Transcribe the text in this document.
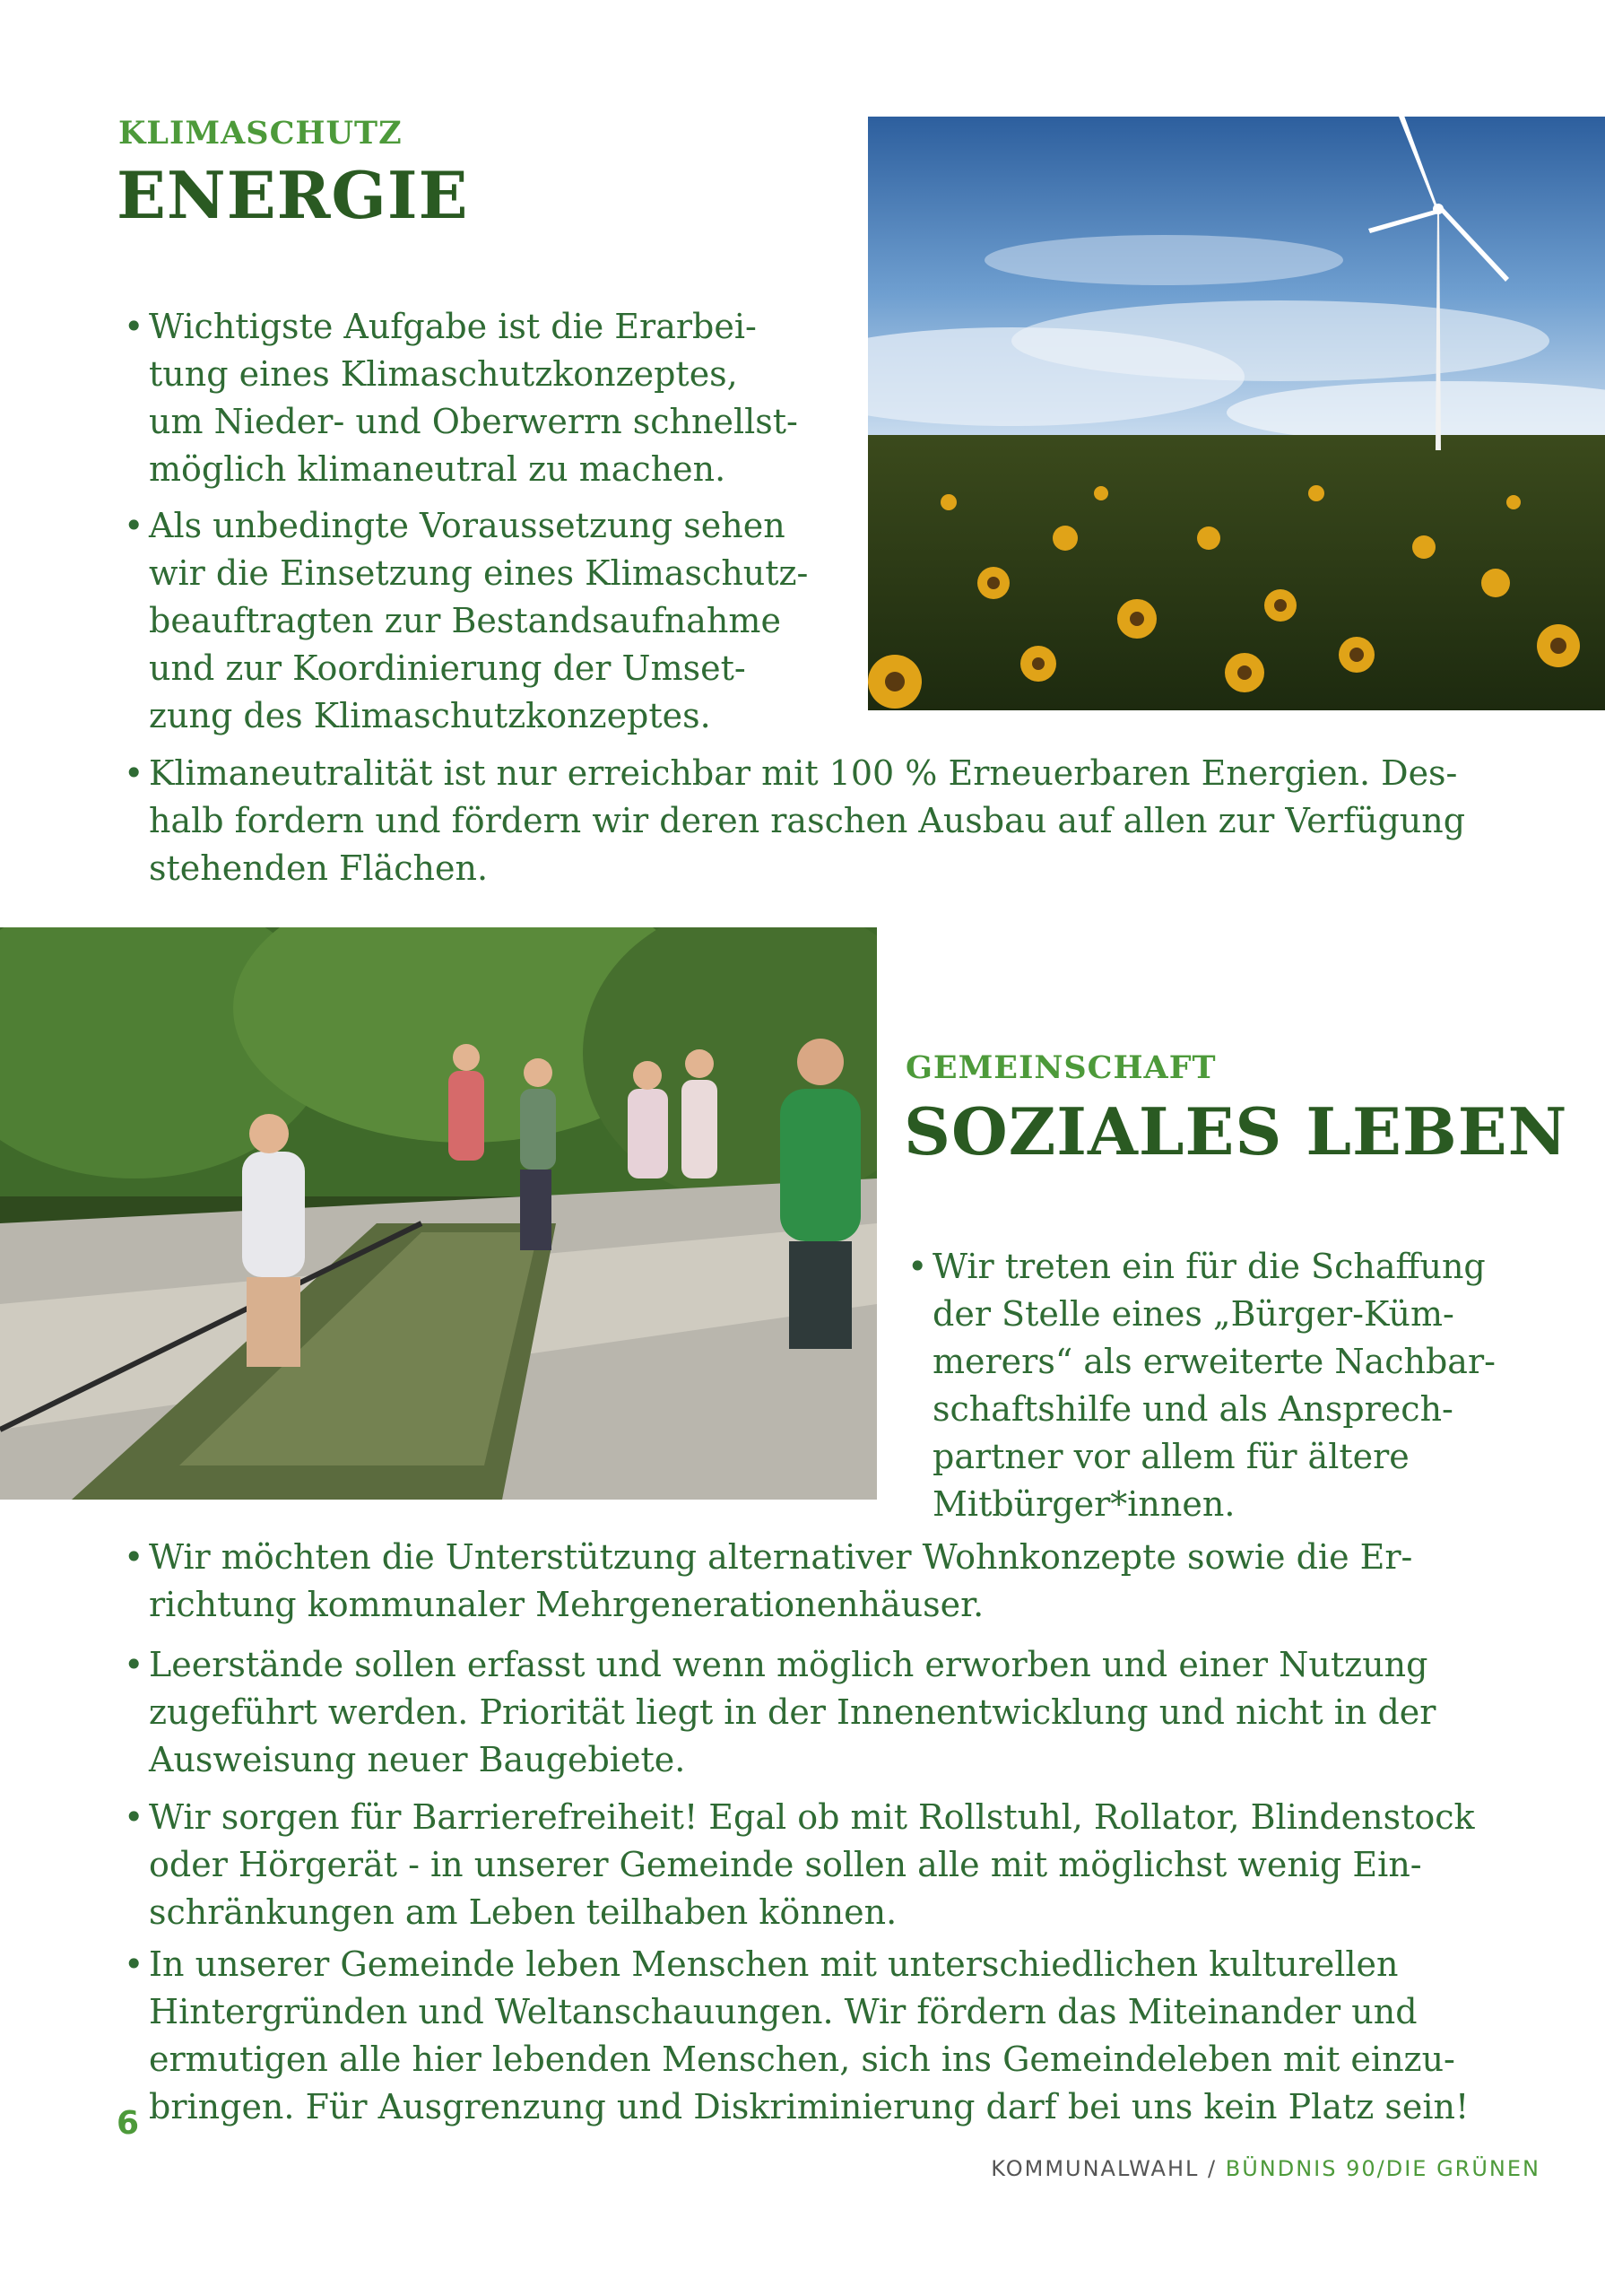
KLIMASCHUTZ
ENERGIE

• Wichtigste Aufgabe ist die Erarbei-
tung eines Klimaschutzkonzeptes,
um Nieder- und Oberwerrn schnellst-
möglich klimaneutral zu machen.

• Als unbedingte Voraussetzung sehen
wir die Einsetzung eines Klimaschutz-
beauftragten zur Bestandsaufnahme
und zur Koordinierung der Umset-
zung des Klimaschutzkonzeptes.

• Klimaneutralität ist nur erreichbar mit 100 % Erneuerbaren Energien. Des-
halb fordern und fördern wir deren raschen Ausbau auf allen zur Verfügung
stehenden Flächen.

GEMEINSCHAFT
SOZIALES LEBEN

• Wir treten ein für die Schaffung
der Stelle eines „Bürger-Küm-
merers“ als erweiterte Nachbar-
schaftshilfe und als Ansprech-
partner vor allem für ältere
Mitbürger*innen.

• Wir möchten die Unterstützung alternativer Wohnkonzepte sowie die Er-
richtung kommunaler Mehrgenerationenhäuser.

• Leerstände sollen erfasst und wenn möglich erworben und einer Nutzung
zugeführt werden. Priorität liegt in der Innenentwicklung und nicht in der
Ausweisung neuer Baugebiete.

• Wir sorgen für Barrierefreiheit! Egal ob mit Rollstuhl, Rollator, Blindenstock
oder Hörgerät - in unserer Gemeinde sollen alle mit möglichst wenig Ein-
schränkungen am Leben teilhaben können.

• In unserer Gemeinde leben Menschen mit unterschiedlichen kulturellen
Hintergründen und Weltanschauungen. Wir fördern das Miteinander und
ermutigen alle hier lebenden Menschen, sich ins Gemeindeleben mit einzu-
bringen. Für Ausgrenzung und Diskriminierung darf bei uns kein Platz sein!

6
KOMMUNALWAHL / BÜNDNIS 90/DIE GRÜNEN
